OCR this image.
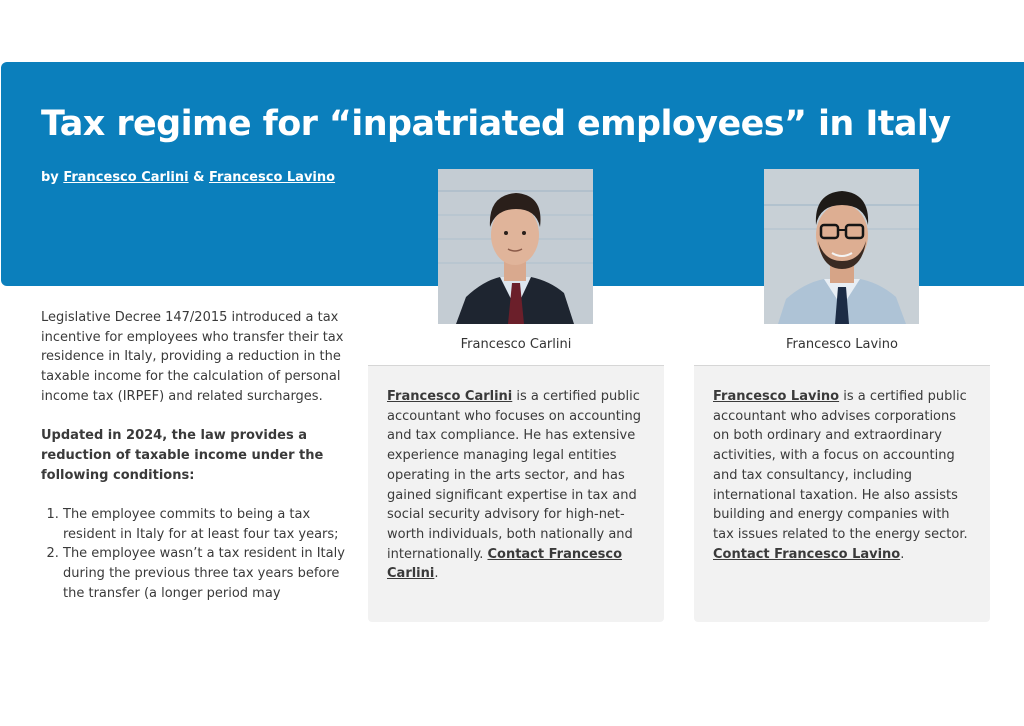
Tax regime for “inpatriated employees” in Italy

by Francesco Carlini & Francesco Lavino

Legislative Decree 147/2015 introduced a tax incentive for employees who transfer their tax residence in Italy, providing a reduction in the taxable income for the calculation of personal income tax (IRPEF) and related surcharges.

Updated in 2024, the law provides a reduction of taxable income under the following conditions:

1. The employee commits to being a tax resident in Italy for at least four tax years;
2. The employee wasn’t a tax resident in Italy during the previous three tax years before the transfer (a longer period may
Francesco Carlini	Francesco Lavino
Francesco Carlini is a certified public accountant who focuses on accounting and tax compliance. He has extensive experience managing legal entities operating in the arts sector, and has gained significant expertise in tax and social security advisory for high-net-worth individuals, both nationally and internationally. Contact Francesco Carlini.
Francesco Lavino is a certified public accountant who advises corporations on both ordinary and extraordinary activities, with a focus on accounting and tax consultancy, including international taxation. He also assists building and energy companies with tax issues related to the energy sector. Contact Francesco Lavino.
